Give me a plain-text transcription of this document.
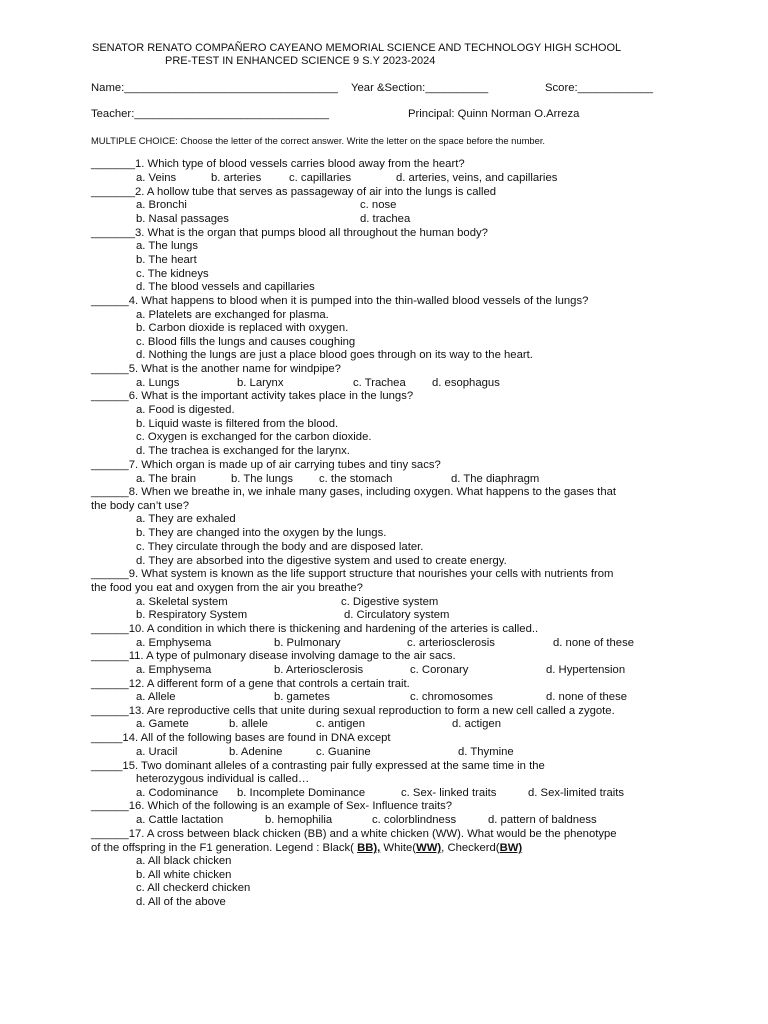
SENATOR RENATO COMPAÑERO CAYEANO MEMORIAL SCIENCE AND TECHNOLOGY HIGH SCHOOL
PRE-TEST IN ENHANCED SCIENCE 9 S.Y 2023-2024
Name:__________________________________ Year &Section:__________	Score:____________
Teacher:_______________________________	Principal: Quinn Norman O.Arreza
MULTIPLE CHOICE: Choose the letter of the correct answer. Write the letter on the space before the number.
_______1. Which type of blood vessels carries blood away from the heart?
a. Veins	b. arteries c. capillaries	d. arteries, veins, and capillaries
_______2. A hollow tube that serves as passageway of air into the lungs is called
a. Bronchi	c. nose
b. Nasal passages	d. trachea
_______3. What is the organ that pumps blood all throughout the human body?
a. The lungs
b. The heart
c. The kidneys
d. The blood vessels and capillaries
______4. What happens to blood when it is pumped into the thin-walled blood vessels of the lungs?
a. Platelets are exchanged for plasma.
b. Carbon dioxide is replaced with oxygen.
c. Blood fills the lungs and causes coughing
d. Nothing the lungs are just a place blood goes through on its way to the heart.
______5. What is the another name for windpipe?
a. Lungs	b. Larynx	c. Trachea d. esophagus
______6. What is the important activity takes place in the lungs?
a. Food is digested.
b. Liquid waste is filtered from the blood.
c. Oxygen is exchanged for the carbon dioxide.
d. The trachea is exchanged for the larynx.
______7. Which organ is made up of air carrying tubes and tiny sacs?
a. The brain	b. The lungs c. the stomach	d. The diaphragm
______8. When we breathe in, we inhale many gases, including oxygen. What happens to the gases that
the body can’t use?
a. They are exhaled
b. They are changed into the oxygen by the lungs.
c. They circulate through the body and are disposed later.
d. They are absorbed into the digestive system and used to create energy.
______9. What system is known as the life support structure that nourishes your cells with nutrients from
the food you eat and oxygen from the air you breathe?
a. Skeletal system	c. Digestive system
b. Respiratory System	d. Circulatory system
______10. A condition in which there is thickening and hardening of the arteries is called..
a. Emphysema	b. Pulmonary	c. arteriosclerosis	d. none of these
______11. A type of pulmonary disease involving damage to the air sacs.
a. Emphysema	b. Arteriosclerosis	c. Coronary	d. Hypertension
______12. A different form of a gene that controls a certain trait.
a. Allele	b. gametes	c. chromosomes	d. none of these
______13. Are reproductive cells that unite during sexual reproduction to form a new cell called a zygote.
a. Gamete	b. allele	c. antigen	d. actigen
_____14. All of the following bases are found in DNA except
a. Uracil	b. Adenine	c. Guanine	d. Thymine
_____15. Two dominant alleles of a contrasting pair fully expressed at the same time in the
heterozygous individual is called…
a. Codominance b. Incomplete Dominance	c. Sex- linked traits	d. Sex-limited traits
______16. Which of the following is an example of Sex- Influence traits?
a. Cattle lactation	b. hemophilia	c. colorblindness	d. pattern of baldness
______17. A cross between black chicken (BB) and a white chicken (WW). What would be the phenotype
of the offspring in the F1 generation. Legend : Black( BB), White(WW), Checkerd(BW)
a. All black chicken
b. All white chicken
c. All checkerd chicken
d. All of the above
